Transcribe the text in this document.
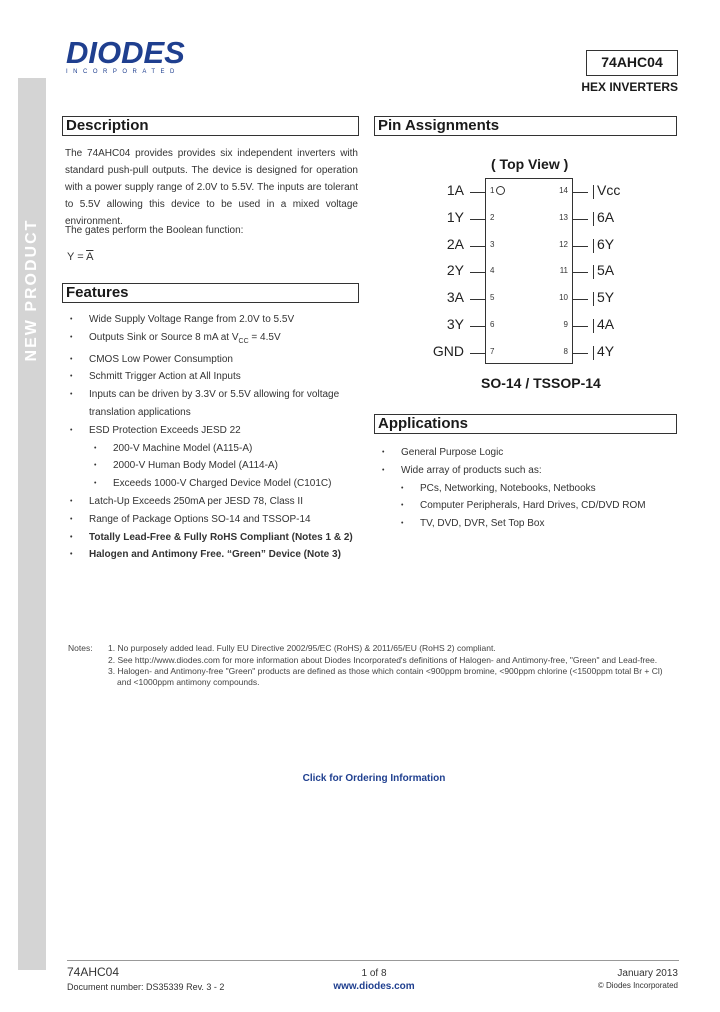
NEW PRODUCT
DIODES
INCORPORATED
74AHC04
HEX INVERTERS
Description
The 74AHC04 provides provides six independent inverters with standard push-pull outputs. The device is designed for operation with a power supply range of 2.0V to 5.5V. The inputs are tolerant to 5.5V allowing this device to be used in a mixed voltage environment.
The gates perform the Boolean function:
$Y = \overline{A}$
Features
• Wide Supply Voltage Range from 2.0V to 5.5V
• Outputs Sink or Source 8 mA at $V_{CC} = 4.5V$
• CMOS Low Power Consumption
• Schmitt Trigger Action at All Inputs
• Inputs can be driven by 3.3V or 5.5V allowing for voltage translation applications
• ESD Protection Exceeds JESD 22
• 200-V Machine Model (A115-A)
• 2000-V Human Body Model (A114-A)
• Exceeds 1000-V Charged Device Model (C101C)
• Latch-Up Exceeds 250mA per JESD 78, Class II
• Range of Package Options SO-14 and TSSOP-14
• Totally Lead-Free & Fully RoHS Compliant (Notes 1 & 2)
• Halogen and Antimony Free. “Green” Device (Note 3)
Pin Assignments
( Top View )
1A	1
1Y	2
2A	3
2Y	4
3A	5
3Y	6
GND	7
14 Vcc
13 6A
12 6Y
11 5A
10 5Y
9 4A
8 4Y
SO-14 / TSSOP-14
Applications
• General Purpose Logic
• Wide array of products such as:
• PCs, Networking, Notebooks, Netbooks
• Computer Peripherals, Hard Drives, CD/DVD ROM
• TV, DVD, DVR, Set Top Box
Notes: 1. No purposely added lead. Fully EU Directive 2002/95/EC (RoHS) & 2011/65/EU (RoHS 2) compliant.
2. See http://www.diodes.com for more information about Diodes Incorporated's definitions of Halogen- and Antimony-free, "Green" and Lead-free.
3. Halogen- and Antimony-free "Green" products are defined as those which contain <900ppm bromine, <900ppm chlorine (<1500ppm total Br + Cl) and <1000ppm antimony compounds.
Click for Ordering Information
74AHC04
Document number: DS35339 Rev. 3 - 2
1 of 8
www.diodes.com
January 2013
© Diodes Incorporated
